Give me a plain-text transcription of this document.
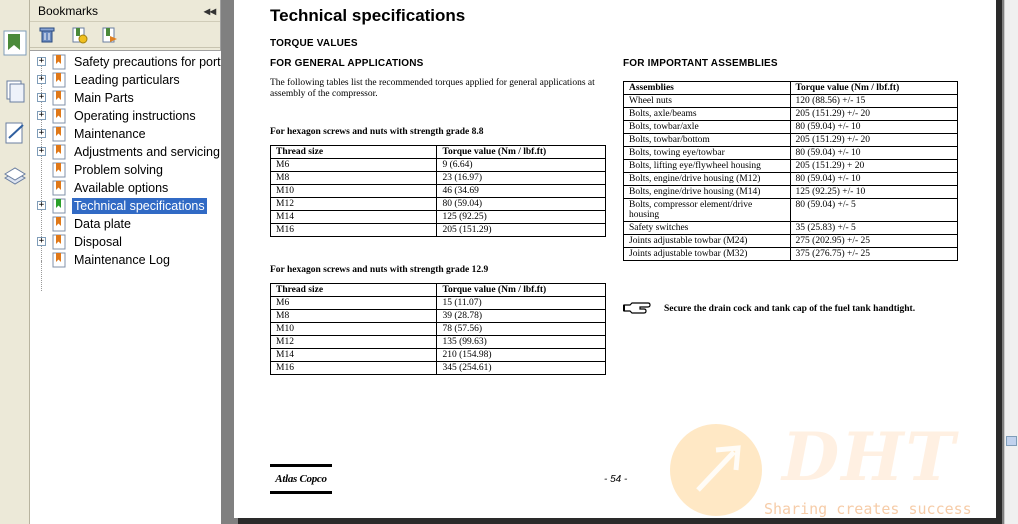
Bookmarks	◂◂
+ Safety precautions for port
+ Leading particulars
+ Main Parts
+ Operating instructions
+ Maintenance
+ Adjustments and servicing
Problem solving
Available options
+ Technical specifications
Data plate
+ Disposal
Maintenance Log
Technical specifications
TORQUE VALUES
FOR GENERAL APPLICATIONS	FOR IMPORTANT ASSEMBLIES
The following tables list the recommended torques applied for general applications at assembly of the compressor.
For hexagon screws and nuts with strength grade 8.8
Thread size	Torque value (Nm / lbf.ft)
M6	9 (6.64)
M8	23 (16.97)
M10	46 (34.69
M12	80 (59.04)
M14	125 (92.25)
M16	205 (151.29)
For hexagon screws and nuts with strength grade 12.9
Thread size	Torque value (Nm / lbf.ft)
M6	15 (11.07)
M8	39 (28.78)
M10	78 (57.56)
M12	135 (99.63)
M14	210 (154.98)
M16	345 (254.61)
Assemblies	Torque value (Nm / lbf.ft)
Wheel nuts	120 (88.56) +/- 15
Bolts, axle/beams	205 (151.29) +/- 20
Bolts, towbar/axle	80 (59.04) +/- 10
Bolts, towbar/bottom	205 (151.29) +/- 20
Bolts, towing eye/towbar	80 (59.04) +/- 10
Bolts, lifting eye/flywheel housing	205 (151.29) + 20
Bolts, engine/drive housing (M12)	80 (59.04) +/- 10
Bolts, engine/drive housing (M14)	125 (92.25) +/- 10
Bolts, compressor element/drive housing	80 (59.04) +/- 5
Safety switches	35 (25.83) +/- 5
Joints adjustable towbar (M24)	275 (202.95) +/- 25
Joints adjustable towbar (M32)	375 (276.75) +/- 25
Secure the drain cock and tank cap of the fuel tank handtight.
Atlas Copco	- 54 - DHT
Sharing creates success
